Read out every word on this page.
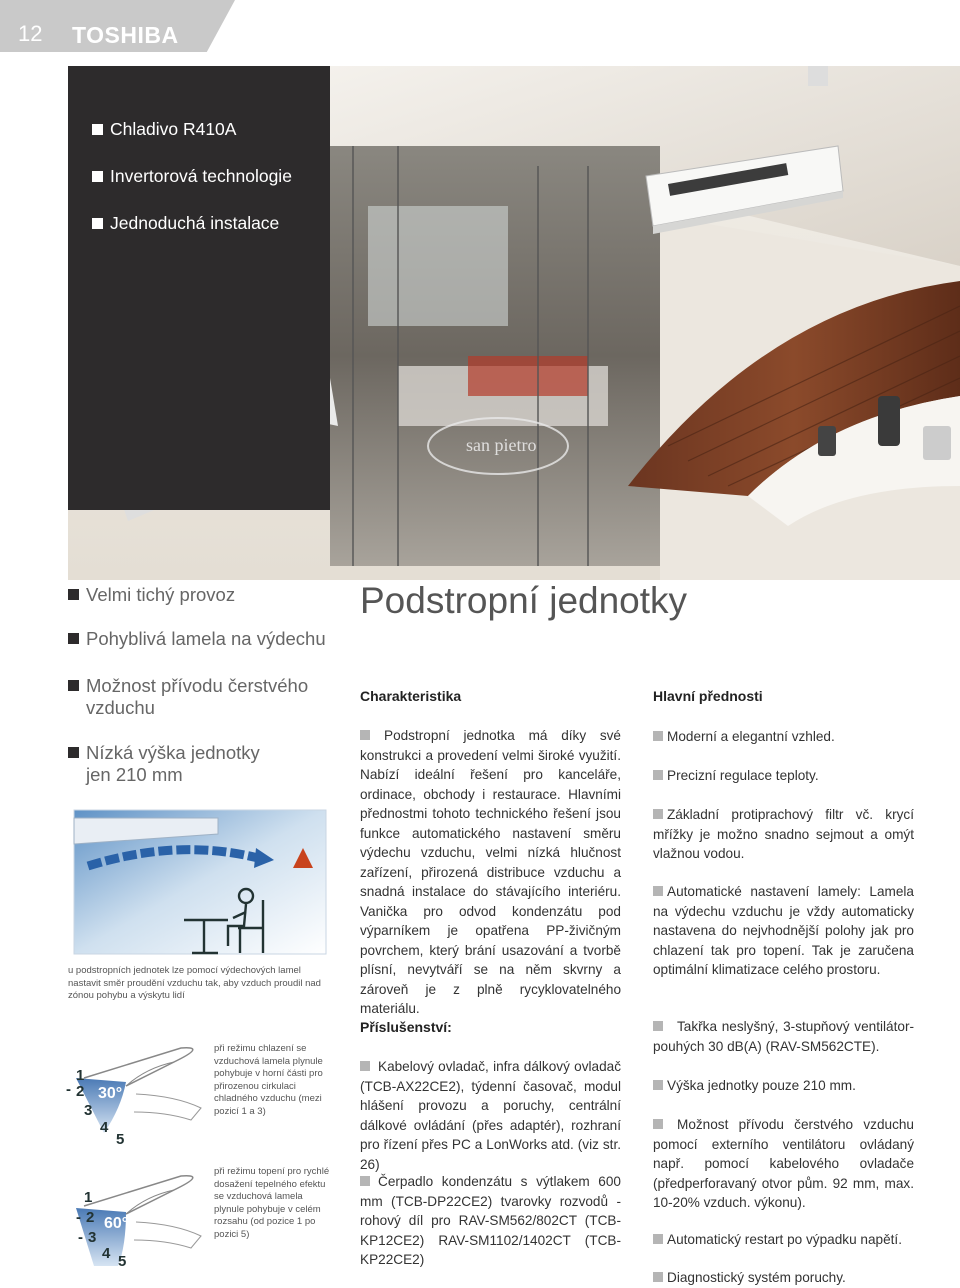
12 TOSHIBA
san pietro
Chladivo R410A
Invertorová technologie
Jednoduchá instalace
Podstropní jednotky
Velmi tichý provoz
Pohyblivá lamela na výdechu
Možnost přívodu čerstvého
vzduchu
Nízká výška jednotky
jen 210 mm
u podstropních jednotek lze pomocí výdechových lamel nastavit směr proudění vzduchu tak, aby vzduch proudil nad zónou pohybu a výskytu lidí
1
2
3
4
5
30°
-
1
2
3
4 5
60°
-
-
při režimu chlazení se vzduchová lamela plynule pohybuje v horní části pro přirozenou cirkulaci chladného vzduchu (mezi pozicí 1 a 3)
při režimu topení pro rychlé dosažení tepelného efektu se vzduchová lamela plynule pohybuje v celém rozsahu (od pozice 1 po pozici 5)
Charakteristika
Podstropní jednotka má díky své konstrukci a provedení velmi široké využití. Nabízí ideální řešení pro kanceláře, ordinace, obchody i restaurace. Hlavními přednostmi tohoto technického řešení jsou funkce automatického nastavení směru výdechu vzduchu, velmi nízká hlučnost zařízení, přirozená distribuce vzduchu a snadná instalace do stávajícího interiéru. Vanička pro odvod kondenzátu pod výparníkem je opatřena PP-živičným povrchem, který brání usazování a tvorbě plísní, nevytváří se na něm skvrny a zároveň je z plně rycyklovatelného materiálu.
Příslušenství:
Kabelový ovladač, infra dálkový ovladač (TCB-AX22CE2), týdenní časovač, modul hlášení provozu a poruchy, centrální dálkové ovládání (přes adaptér), rozhraní pro řízení přes PC a LonWorks atd. (viz str. 26)
Čerpadlo kondenzátu s výtlakem 600 mm (TCB-DP22CE2) tvarovky rozvodů - rohový díl pro RAV-SM562/802CT (TCB-KP12CE2) RAV-SM1102/1402CT (TCB-KP22CE2)
Hlavní přednosti
Moderní a elegantní vzhled.
Precizní regulace teploty.
Základní protiprachový filtr vč. krycí mřížky je možno snadno sejmout a omýt vlažnou vodou.
Automatické nastavení lamely: Lamela na výdechu vzduchu je vždy automaticky nastavena do nejvhodnější polohy jak pro chlazení tak pro topení. Tak je zaručena optimální klimatizace celého prostoru.
Takřka neslyšný, 3-stupňový ventilátor-pouhých 30 dB(A) (RAV-SM562CTE).
Výška jednotky pouze 210 mm.
Možnost přívodu čerstvého vzduchu pomocí externího ventilátoru ovládaný např. pomocí kabelového ovladače (předperforavaný otvor pům. 92 mm, max. 10-20% vzduch. výkonu).
Automatický restart po výpadku napětí.
Diagnostický systém poruchy.
